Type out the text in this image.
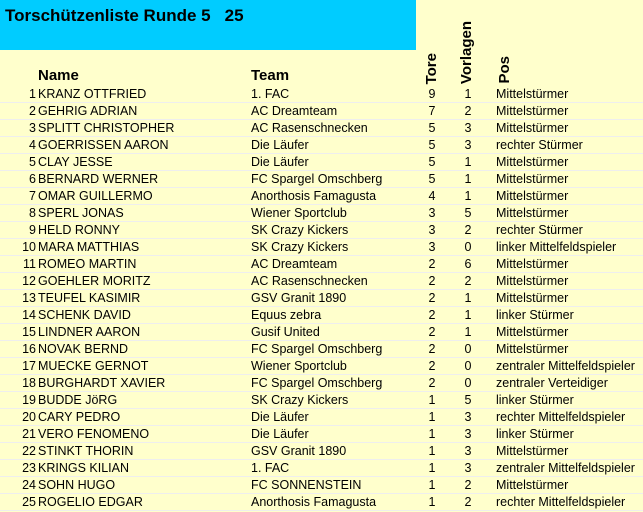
Torschützenliste Runde 5 25
Name	Team	Tore Vorlagen Pos
1 KRANZ OTTFRIED	1. FAC	9 1 Mittelstürmer
2 GEHRIG ADRIAN	AC Dreamteam	7 2 Mittelstürmer
3 SPLITT CHRISTOPHER	AC Rasenschnecken	5 3 Mittelstürmer
4 GOERRISSEN AARON	Die Läufer	5 3 rechter Stürmer
5 CLAY JESSE	Die Läufer	5 1 Mittelstürmer
6 BERNARD WERNER	FC Spargel Omschberg	5 1 Mittelstürmer
7 OMAR GUILLERMO	Anorthosis Famagusta	4 1 Mittelstürmer
8 SPERL JONAS	Wiener Sportclub	3 5 Mittelstürmer
9 HELD RONNY	SK Crazy Kickers	3 2 rechter Stürmer
10 MARA MATTHIAS	SK Crazy Kickers	3 0 linker Mittelfeldspieler
11 ROMEO MARTIN	AC Dreamteam	2 6 Mittelstürmer
12 GOEHLER MORITZ	AC Rasenschnecken	2 2 Mittelstürmer
13 TEUFEL KASIMIR	GSV Granit 1890	2 1 Mittelstürmer
14 SCHENK DAVID	Equus zebra	2 1 linker Stürmer
15 LINDNER AARON	Gusif United	2 1 Mittelstürmer
16 NOVAK BERND	FC Spargel Omschberg	2 0 Mittelstürmer
17 MUECKE GERNOT	Wiener Sportclub	2 0 zentraler Mittelfeldspieler
18 BURGHARDT XAVIER	FC Spargel Omschberg	2 0 zentraler Verteidiger
19 BUDDE JöRG	SK Crazy Kickers	1 5 linker Stürmer
20 CARY PEDRO	Die Läufer	1 3 rechter Mittelfeldspieler
21 VERO FENOMENO	Die Läufer	1 3 linker Stürmer
22 STINKT THORIN	GSV Granit 1890	1 3 Mittelstürmer
23 KRINGS KILIAN	1. FAC	1 3 zentraler Mittelfeldspieler
24 SOHN HUGO	FC SONNENSTEIN	1 2 Mittelstürmer
25 ROGELIO EDGAR	Anorthosis Famagusta	1 2 rechter Mittelfeldspieler
